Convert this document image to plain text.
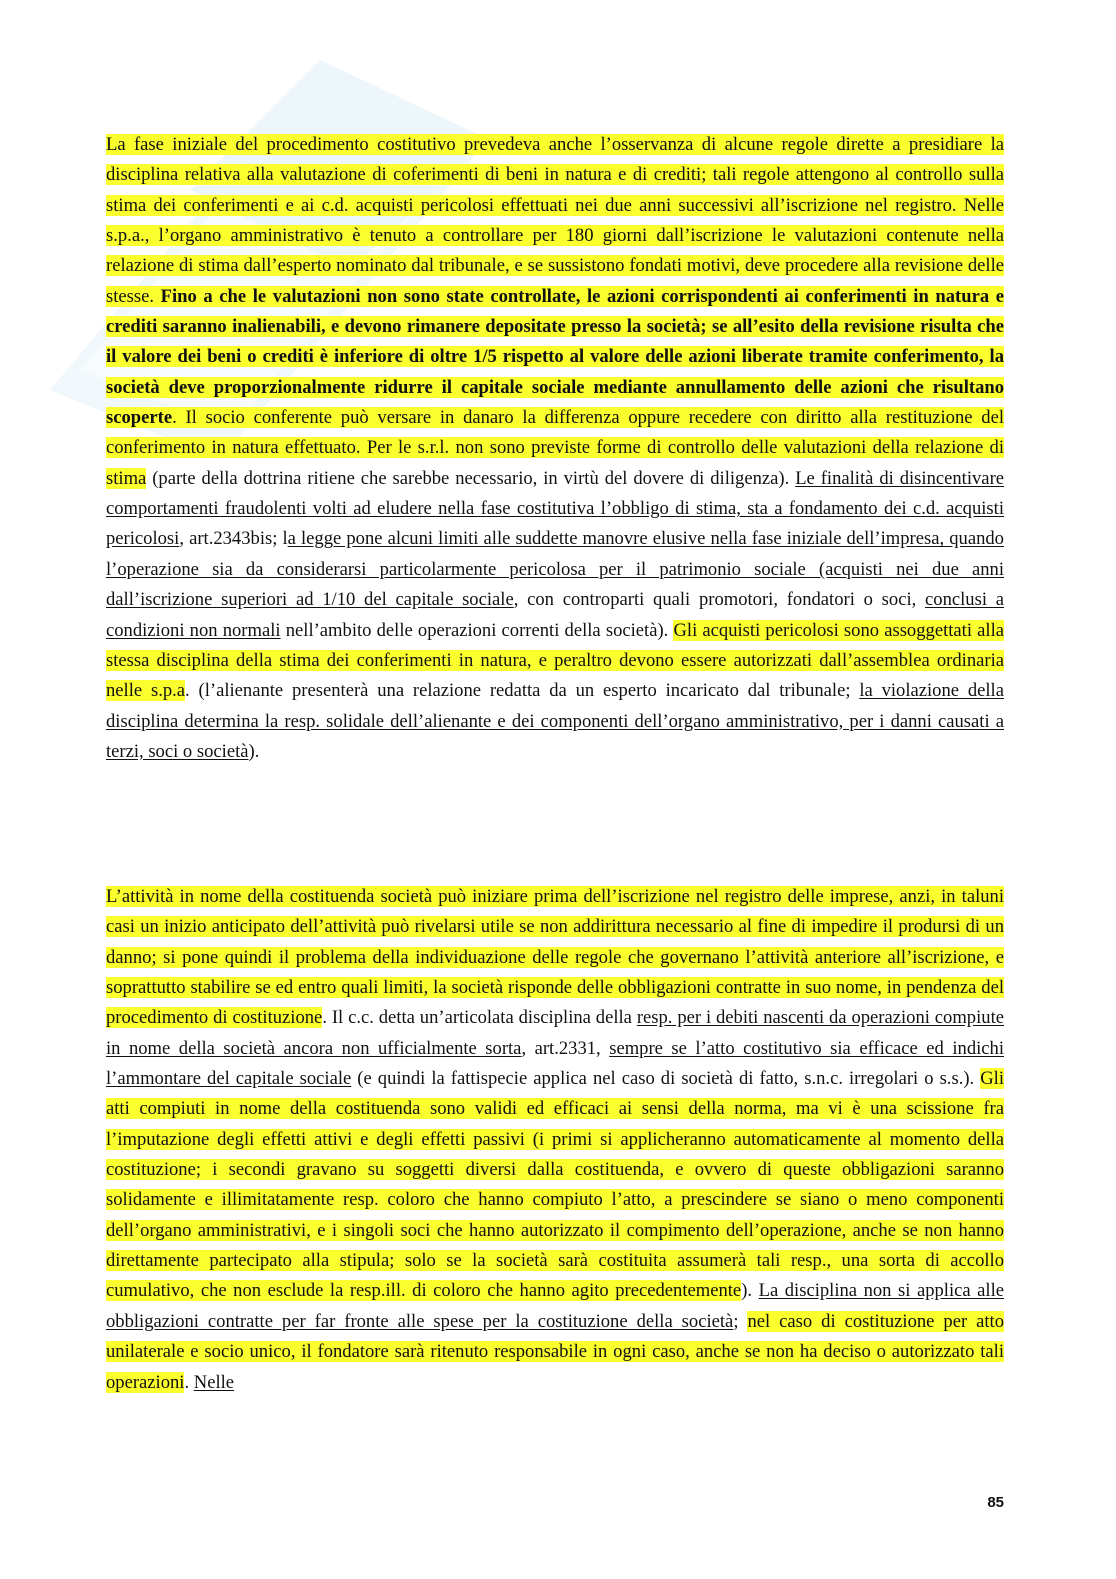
La fase iniziale del procedimento costitutivo prevedeva anche l’osservanza di alcune regole dirette a presidiare la disciplina relativa alla valutazione di coferimenti di beni in natura e di crediti; tali regole attengono al controllo sulla stima dei conferimenti e ai c.d. acquisti pericolosi effettuati nei due anni successivi all’iscrizione nel registro. Nelle s.p.a., l’organo amministrativo è tenuto a controllare per 180 giorni dall’iscrizione le valutazioni contenute nella relazione di stima dall’esperto nominato dal tribunale, e se sussistono fondati motivi, deve procedere alla revisione delle stesse. Fino a che le valutazioni non sono state controllate, le azioni corrispondenti ai conferimenti in natura e crediti saranno inalienabili, e devono rimanere depositate presso la società; se all’esito della revisione risulta che il valore dei beni o crediti è inferiore di oltre 1/5 rispetto al valore delle azioni liberate tramite conferimento, la società deve proporzionalmente ridurre il capitale sociale mediante annullamento delle azioni che risultano scoperte. Il socio conferente può versare in danaro la differenza oppure recedere con diritto alla restituzione del conferimento in natura effettuato. Per le s.r.l. non sono previste forme di controllo delle valutazioni della relazione di stima (parte della dottrina ritiene che sarebbe necessario, in virtù del dovere di diligenza). Le finalità di disincentivare comportamenti fraudolenti volti ad eludere nella fase costitutiva l’obbligo di stima, sta a fondamento dei c.d. acquisti pericolosi, art.2343bis; la legge pone alcuni limiti alle suddette manovre elusive nella fase iniziale dell’impresa, quando l’operazione sia da considerarsi particolarmente pericolosa per il patrimonio sociale (acquisti nei due anni dall’iscrizione superiori ad 1/10 del capitale sociale, con controparti quali promotori, fondatori o soci, conclusi a condizioni non normali nell’ambito delle operazioni correnti della società). Gli acquisti pericolosi sono assoggettati alla stessa disciplina della stima dei conferimenti in natura, e peraltro devono essere autorizzati dall’assemblea ordinaria nelle s.p.a. (l’alienante presenterà una relazione redatta da un esperto incaricato dal tribunale; la violazione della disciplina determina la resp. solidale dell’alienante e dei componenti dell’organo amministrativo, per i danni causati a terzi, soci o società).

L’attività in nome della costituenda società può iniziare prima dell’iscrizione nel registro delle imprese, anzi, in taluni casi un inizio anticipato dell’attività può rivelarsi utile se non addirittura necessario al fine di impedire il prodursi di un danno; si pone quindi il problema della individuazione delle regole che governano l’attività anteriore all’iscrizione, e soprattutto stabilire se ed entro quali limiti, la società risponde delle obbligazioni contratte in suo nome, in pendenza del procedimento di costituzione. Il c.c. detta un’articolata disciplina della resp. per i debiti nascenti da operazioni compiute in nome della società ancora non ufficialmente sorta, art.2331, sempre se l’atto costitutivo sia efficace ed indichi l’ammontare del capitale sociale (e quindi la fattispecie applica nel caso di società di fatto, s.n.c. irregolari o s.s.). Gli atti compiuti in nome della costituenda sono validi ed efficaci ai sensi della norma, ma vi è una scissione fra l’imputazione degli effetti attivi e degli effetti passivi (i primi si applicheranno automaticamente al momento della costituzione; i secondi gravano su soggetti diversi dalla costituenda, e ovvero di queste obbligazioni saranno solidamente e illimitatamente resp. coloro che hanno compiuto l’atto, a prescindere se siano o meno componenti dell’organo amministrativi, e i singoli soci che hanno autorizzato il compimento dell’operazione, anche se non hanno direttamente partecipato alla stipula; solo se la società sarà costituita assumerà tali resp., una sorta di accollo cumulativo, che non esclude la resp.ill. di coloro che hanno agito precedentemente). La disciplina non si applica alle obbligazioni contratte per far fronte alle spese per la costituzione della società; nel caso di costituzione per atto unilaterale e socio unico, il fondatore sarà ritenuto responsabile in ogni caso, anche se non ha deciso o autorizzato tali operazioni. Nelle

85
